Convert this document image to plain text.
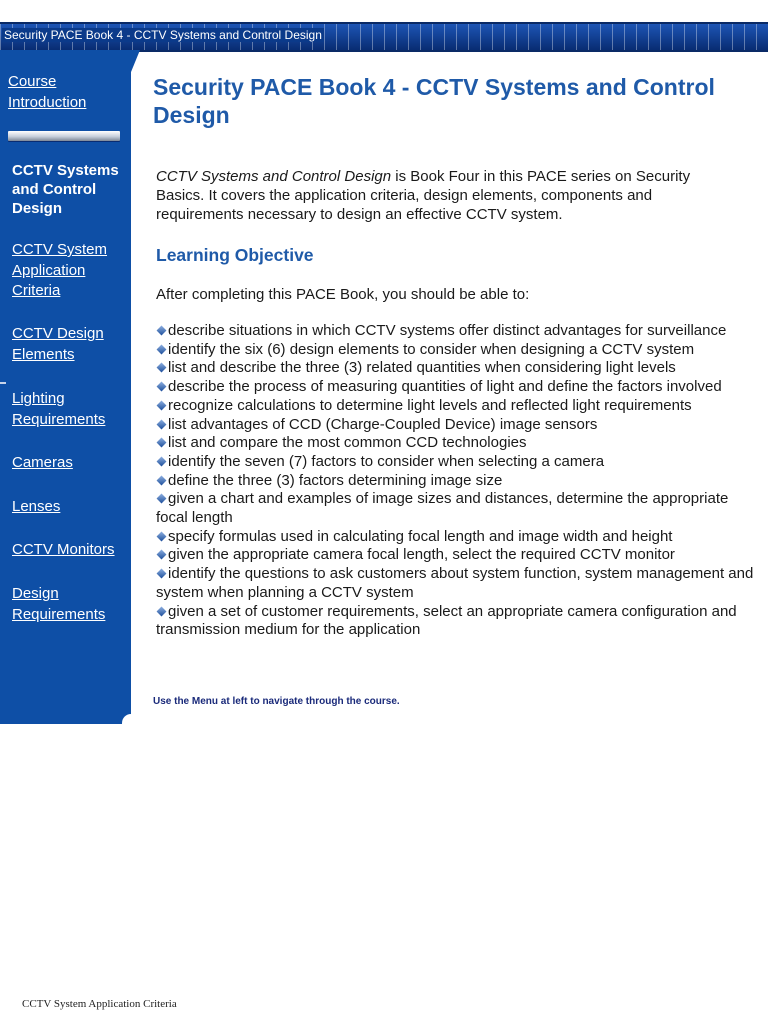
Security PACE Book 4 - CCTV Systems and Control Design
Course Introduction
CCTV Systems and Control Design
CCTV System Application Criteria
CCTV Design Elements
Lighting Requirements
Cameras
Lenses
CCTV Monitors
Design Requirements
Security PACE Book 4 - CCTV Systems and Control Design
CCTV Systems and Control Design is Book Four in this PACE series on Security Basics. It covers the application criteria, design elements, components and requirements necessary to design an effective CCTV system.
Learning Objective
After completing this PACE Book, you should be able to:
describe situations in which CCTV systems offer distinct advantages for surveillance
identify the six (6) design elements to consider when designing a CCTV system
list and describe the three (3) related quantities when considering light levels
describe the process of measuring quantities of light and define the factors involved
recognize calculations to determine light levels and reflected light requirements
list advantages of CCD (Charge-Coupled Device) image sensors
list and compare the most common CCD technologies
identify the seven (7) factors to consider when selecting a camera
define the three (3) factors determining image size
given a chart and examples of image sizes and distances, determine the appropriate focal length
specify formulas used in calculating focal length and image width and height
given the appropriate camera focal length, select the required CCTV monitor
identify the questions to ask customers about system function, system management and system when planning a CCTV system
given a set of customer requirements, select an appropriate camera configuration and transmission medium for the application
Use the Menu at left to navigate through the course.
CCTV System Application Criteria
